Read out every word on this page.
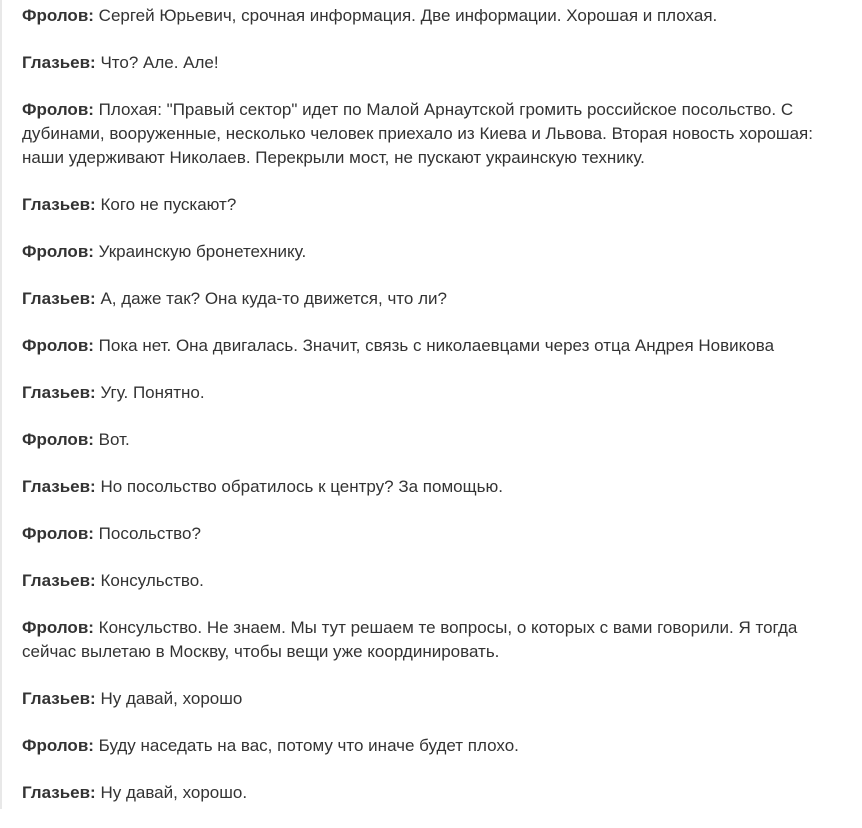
Фролов: Сергей Юрьевич, срочная информация. Две информации. Хорошая и плохая.

Глазьев: Что? Але. Але!

Фролов: Плохая: "Правый сектор" идет по Малой Арнаутской громить российское посольство. С дубинами, вооруженные, несколько человек приехало из Киева и Львова. Вторая новость хорошая: наши удерживают Николаев. Перекрыли мост, не пускают украинскую технику.

Глазьев: Кого не пускают?

Фролов: Украинскую бронетехнику.

Глазьев: А, даже так? Она куда-то движется, что ли?

Фролов: Пока нет. Она двигалась. Значит, связь с николаевцами через отца Андрея Новикова

Глазьев: Угу. Понятно.

Фролов: Вот.

Глазьев: Но посольство обратилось к центру? За помощью.

Фролов: Посольство?

Глазьев: Консульство.

Фролов: Консульство. Не знаем. Мы тут решаем те вопросы, о которых с вами говорили. Я тогда сейчас вылетаю в Москву, чтобы вещи уже координировать.

Глазьев: Ну давай, хорошо

Фролов: Буду наседать на вас, потому что иначе будет плохо.

Глазьев: Ну давай, хорошо.
